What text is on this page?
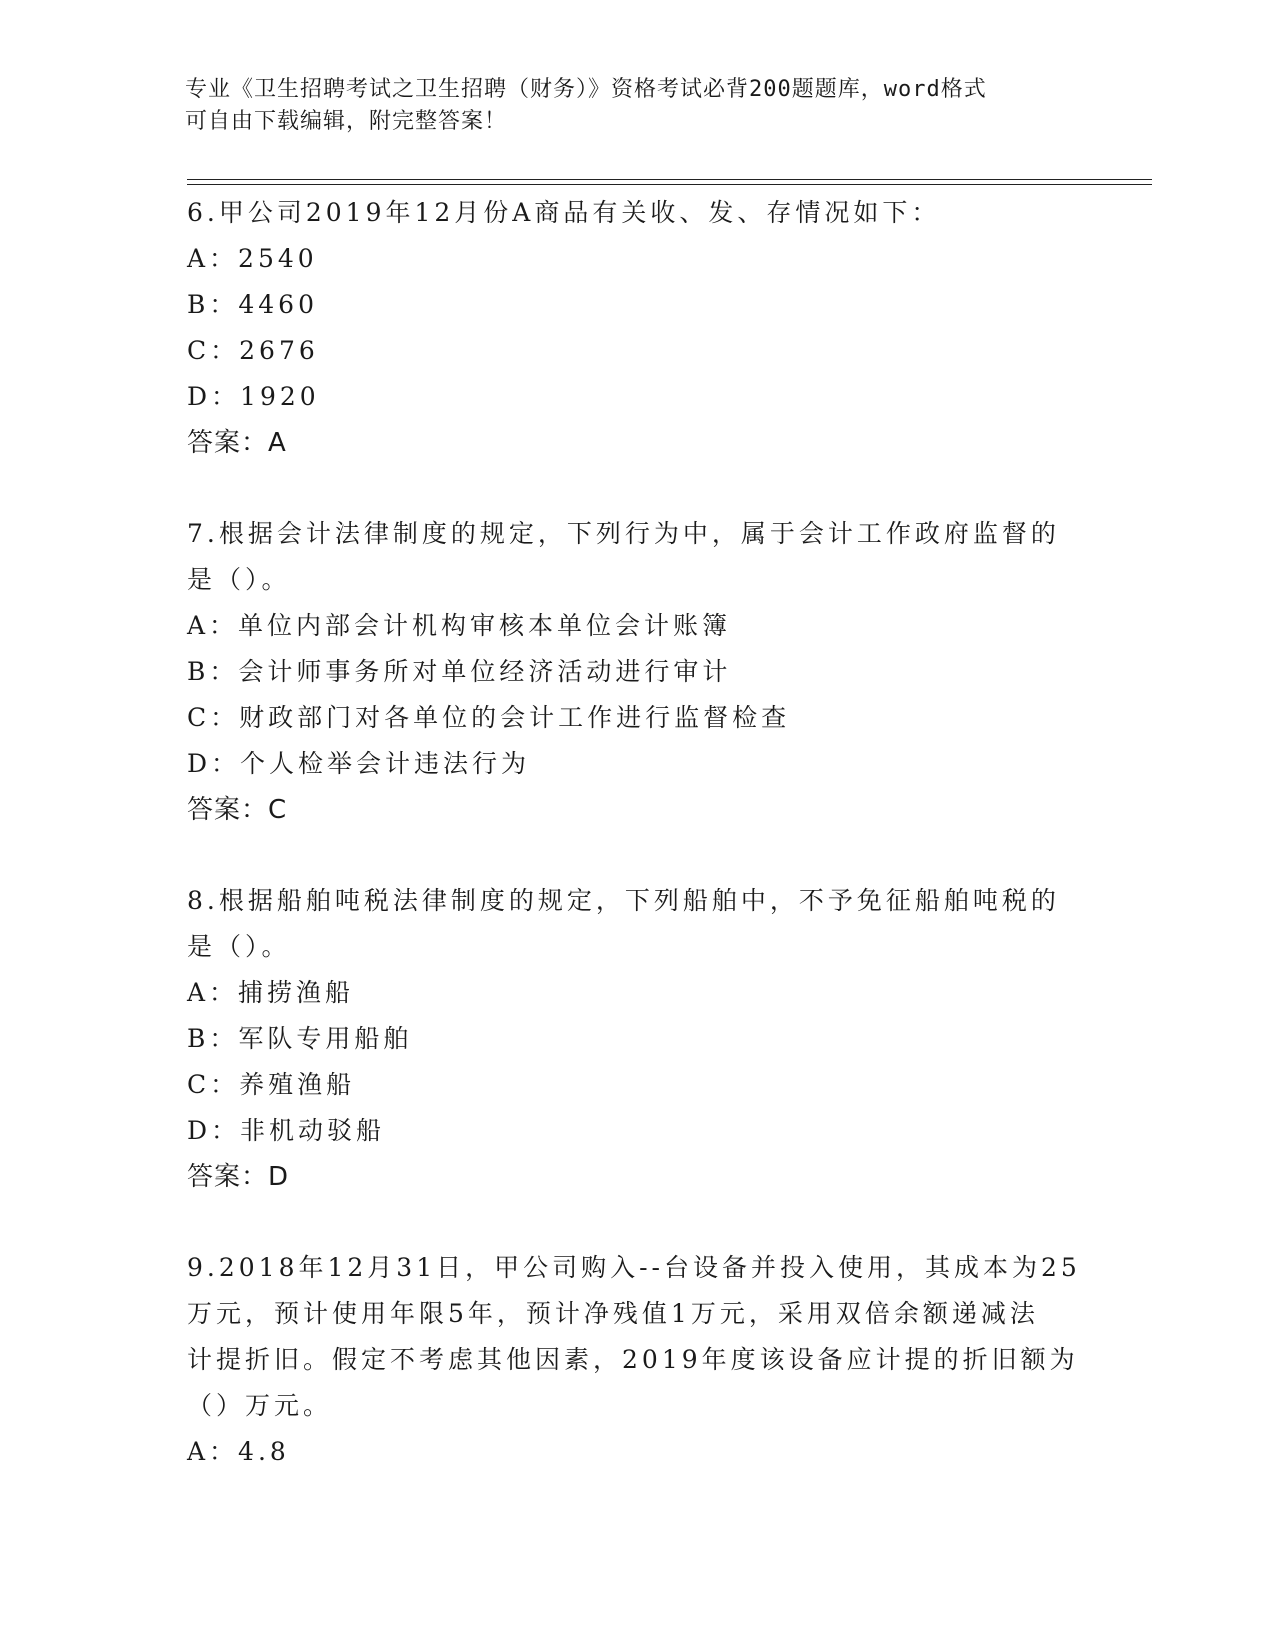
专业《卫生招聘考试之卫生招聘（财务）》资格考试必背200题题库，word格式
可自由下载编辑，附完整答案！
6.甲公司2019年12月份A商品有关收、发、存情况如下：
A：2540
B：4460
C：2676
D：1920
答案：A
7.根据会计法律制度的规定，下列行为中，属于会计工作政府监督的
是（）。
A：单位内部会计机构审核本单位会计账簿
B：会计师事务所对单位经济活动进行审计
C：财政部门对各单位的会计工作进行监督检查
D：个人检举会计违法行为
答案：C
8.根据船舶吨税法律制度的规定，下列船舶中，不予免征船舶吨税的
是（）。
A：捕捞渔船
B：军队专用船舶
C：养殖渔船
D：非机动驳船
答案：D
9.2018年12月31日，甲公司购入--台设备并投入使用，其成本为25
万元，预计使用年限5年，预计净残值1万元，采用双倍余额递减法
计提折旧。假定不考虑其他因素，2019年度该设备应计提的折旧额为
（）万元。
A：4.8
